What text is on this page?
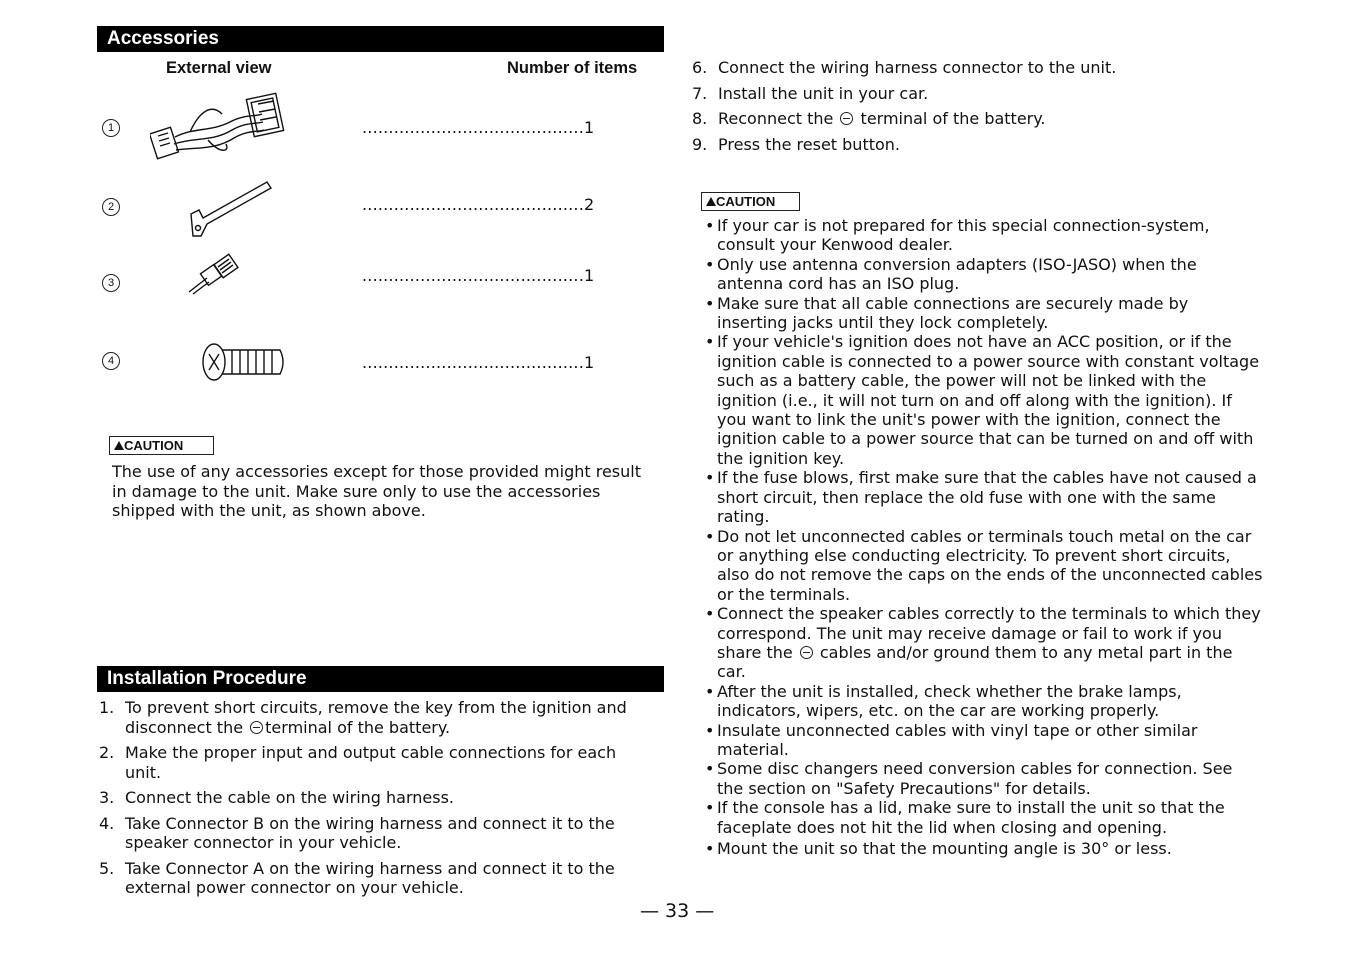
Accessories
External view	Number of items
1	..........................................1
2	..........................................2
3	..........................................1
4	..........................................1
CAUTION
The use of any accessories except for those provided might result in damage to the unit. Make sure only to use the accessories shipped with the unit, as shown above.
Installation Procedure
1. To prevent short circuits, remove the key from the ignition and disconnect the terminal of the battery.
2. Make the proper input and output cable connections for each unit.
3. Connect the cable on the wiring harness.
4. Take Connector B on the wiring harness and connect it to the speaker connector in your vehicle.
5. Take Connector A on the wiring harness and connect it to the external power connector on your vehicle.
6. Connect the wiring harness connector to the unit.
7. Install the unit in your car.
8. Reconnect the  terminal of the battery.
9. Press the reset button.
CAUTION
• If your car is not prepared for this special connection-system, consult your Kenwood dealer.
• Only use antenna conversion adapters (ISO-JASO) when the antenna cord has an ISO plug.
• Make sure that all cable connections are securely made by inserting jacks until they lock completely.
• If your vehicle's ignition does not have an ACC position, or if the ignition cable is connected to a power source with constant voltage such as a battery cable, the power will not be linked with the ignition (i.e., it will not turn on and off along with the ignition). If you want to link the unit's power with the ignition, connect the ignition cable to a power source that can be turned on and off with the ignition key.
• If the fuse blows, first make sure that the cables have not caused a short circuit, then replace the old fuse with one with the same rating.
• Do not let unconnected cables or terminals touch metal on the car or anything else conducting electricity. To prevent short circuits, also do not remove the caps on the ends of the unconnected cables or the terminals.
• Connect the speaker cables correctly to the terminals to which they correspond. The unit may receive damage or fail to work if you share the  cables and/or ground them to any metal part in the car.
• After the unit is installed, check whether the brake lamps, indicators, wipers, etc. on the car are working properly.
• Insulate unconnected cables with vinyl tape or other similar material.
• Some disc changers need conversion cables for connection. See the section on "Safety Precautions" for details.
• If the console has a lid, make sure to install the unit so that the faceplate does not hit the lid when closing and opening.
• Mount the unit so that the mounting angle is 30° or less.
— 33 —
